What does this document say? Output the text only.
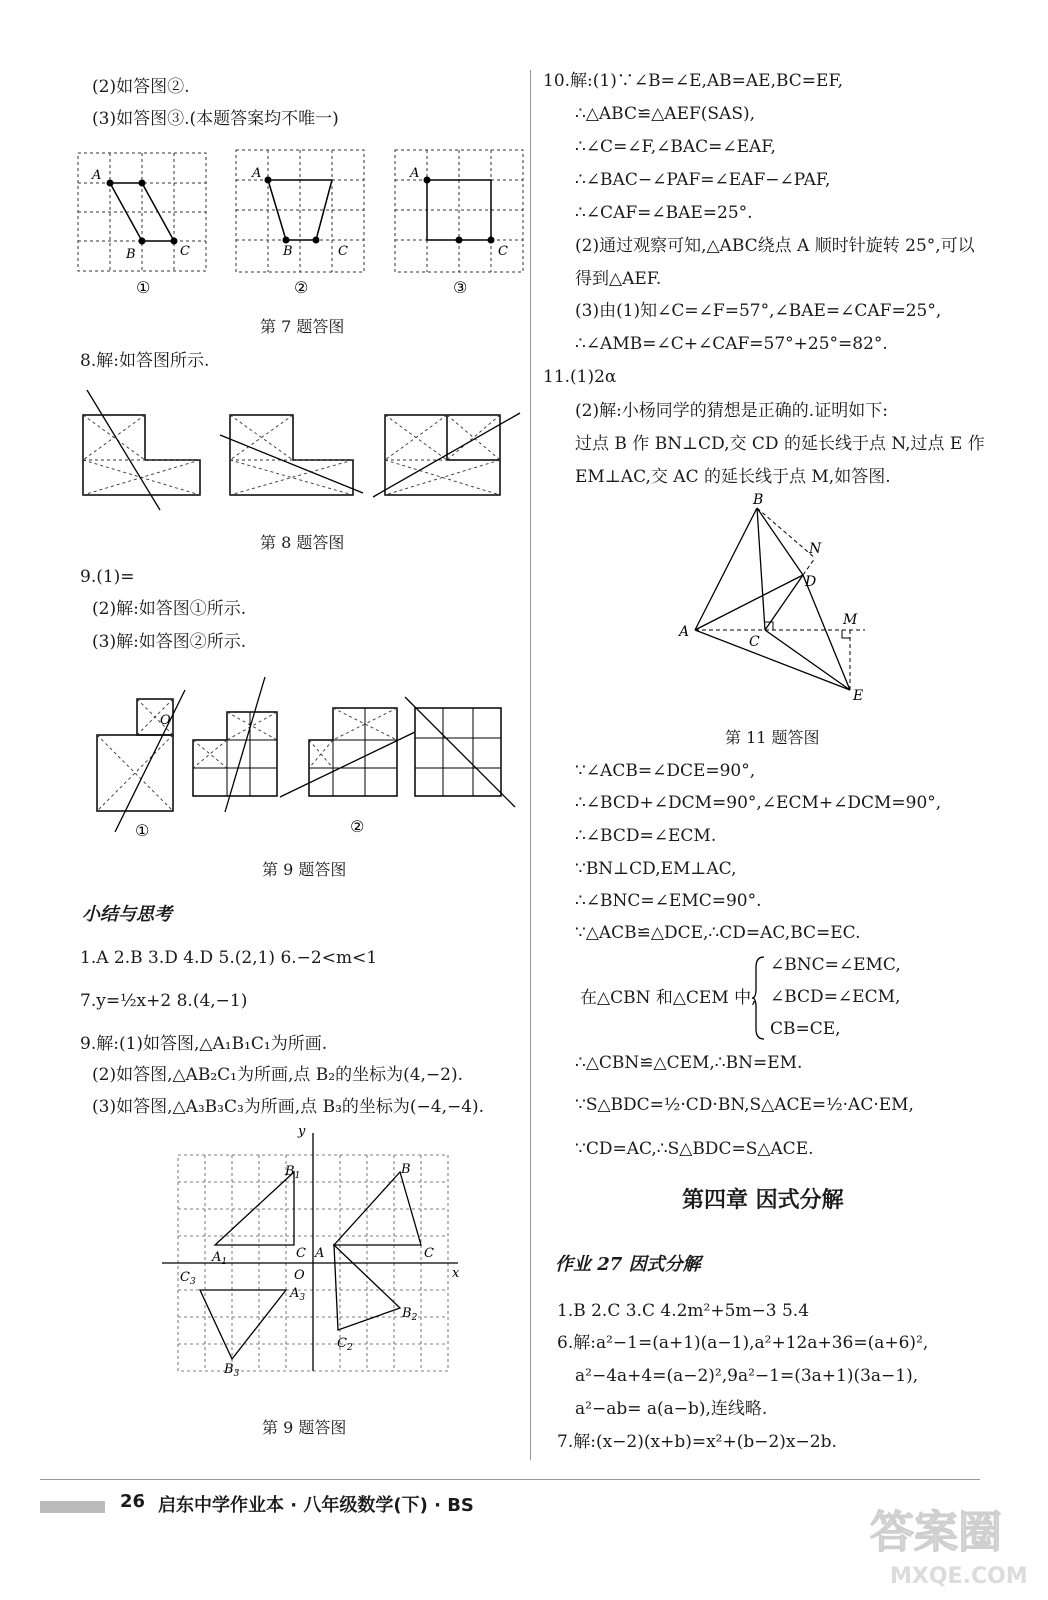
(2)如答图②.
(3)如答图③.(本题答案均不唯一)
A
B	C
A
B	C
A
C
①	②	③
第 7 题答图
8.解:如答图所示.
第 8 题答图
9.(1)=
(2)解:如答图①所示.
(3)解:如答图②所示.
O
①	②
第 9 题答图
小结与思考
1.A 2.B 3.D 4.D 5.(2,1) 6.−2<m<1
7.y=½x+2 8.(4,−1)
9.解:(1)如答图,△A₁B₁C₁为所画.
(2)如答图,△AB₂C₁为所画,点 B₂的坐标为(4,−2).
(3)如答图,△A₃B₃C₃为所画,点 B₃的坐标为(−4,−4).
y
x
O
$B_1$	B
$A_1$
C A	C
$C_3$
$A_3$
$B_2$
$C_2$
$B_3$
第 9 题答图
10.解:(1)∵∠B=∠E,AB=AE,BC=EF,
∴△ABC≌△AEF(SAS),
∴∠C=∠F,∠BAC=∠EAF,
∴∠BAC−∠PAF=∠EAF−∠PAF,
∴∠CAF=∠BAE=25°.
(2)通过观察可知,△ABC绕点 A 顺时针旋转 25°,可以
得到△AEF.
(3)由(1)知∠C=∠F=57°,∠BAE=∠CAF=25°,
∴∠AMB=∠C+∠CAF=57°+25°=82°.
11.(1)2α
(2)解:小杨同学的猜想是正确的.证明如下:
过点 B 作 BN⊥CD,交 CD 的延长线于点 N,过点 E 作
EM⊥AC,交 AC 的延长线于点 M,如答图.
B
N
D
M
A
C
E
第 11 题答图
∵∠ACB=∠DCE=90°,
∴∠BCD+∠DCM=90°,∠ECM+∠DCM=90°,
∴∠BCD=∠ECM.
∵BN⊥CD,EM⊥AC,
∴∠BNC=∠EMC=90°.
∵△ACB≌△DCE,∴CD=AC,BC=EC.
在△CBN 和△CEM 中,
∠BNC=∠EMC,
∠BCD=∠ECM,
CB=CE,
∴△CBN≌△CEM,∴BN=EM.
∵S△BDC=½·CD·BN,S△ACE=½·AC·EM,
∵CD=AC,∴S△BDC=S△ACE.
第四章 因式分解
作业 27 因式分解
1.B 2.C 3.C 4.2m²+5m−3 5.4
6.解:a²−1=(a+1)(a−1),a²+12a+36=(a+6)²,
a²−4a+4=(a−2)²,9a²−1=(3a+1)(3a−1),
a²−ab= a(a−b),连线略.
7.解:(x−2)(x+b)=x²+(b−2)x−2b.
26 启东中学作业本 · 八年级数学(下) · BS
答案圈
MXQE.COM
